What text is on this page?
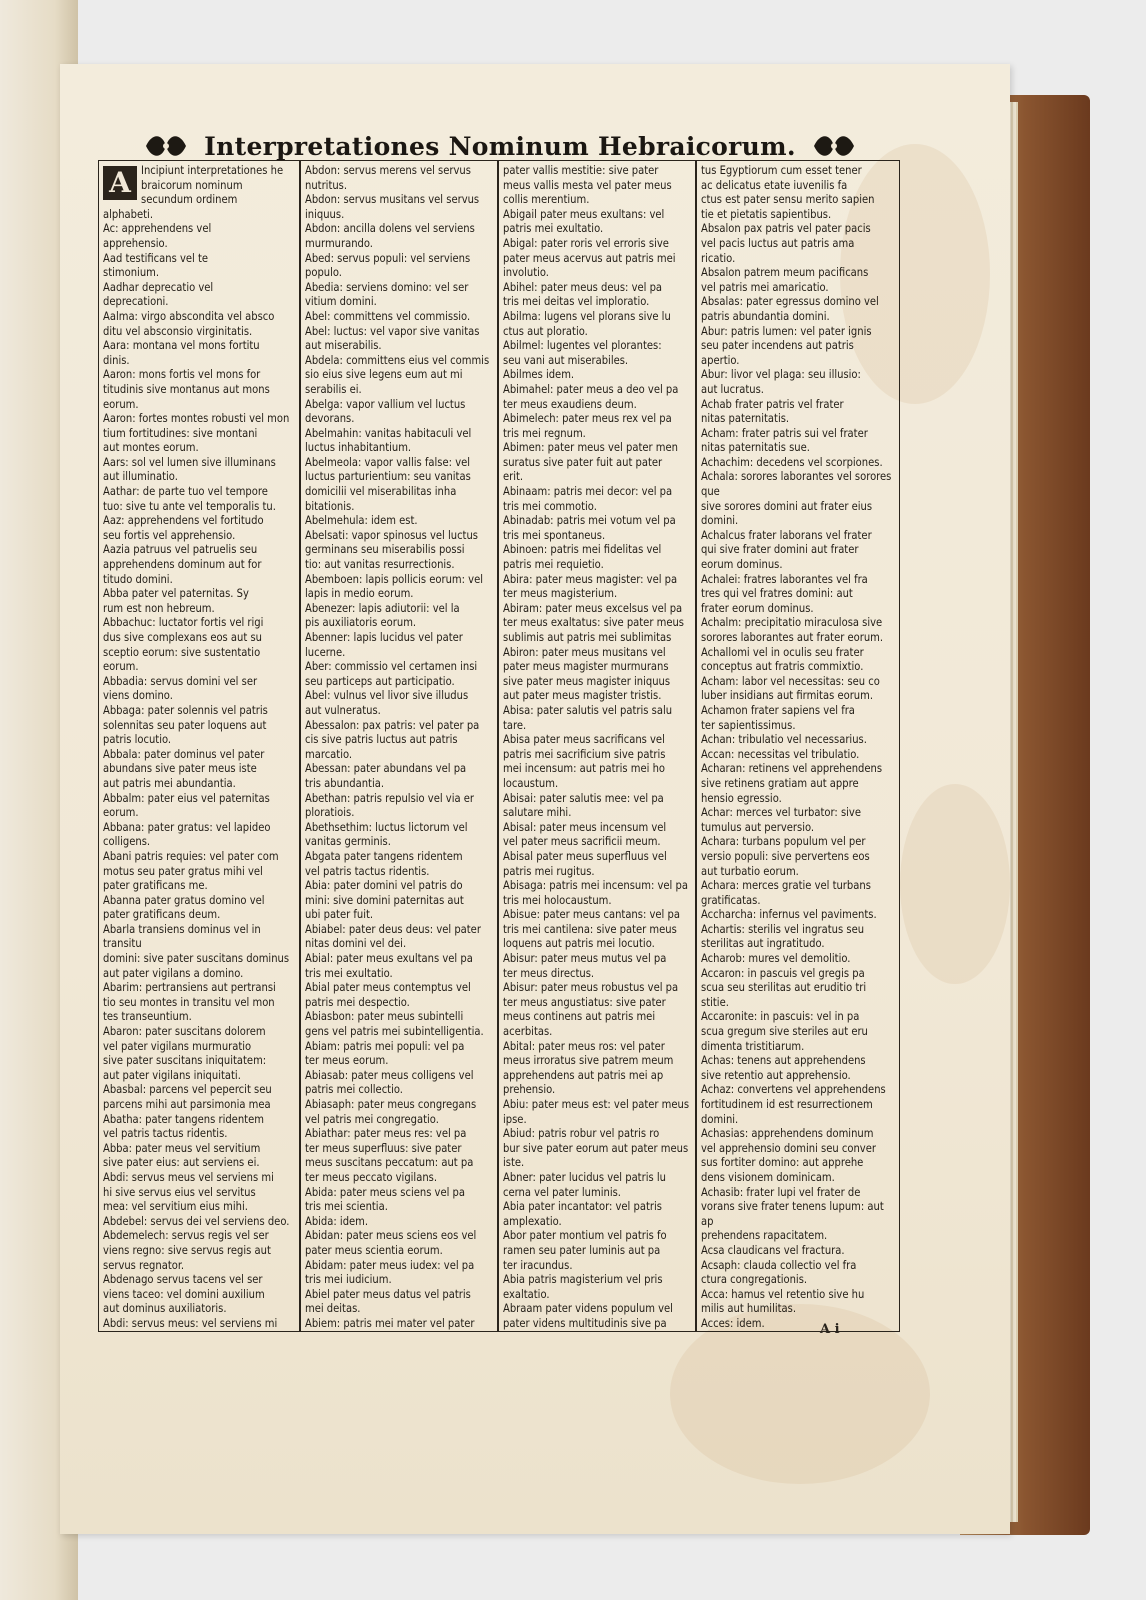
Interpretationes Nominum Hebraicorum.
A Incipiunt interpretationes he

braicorum nominum secundum ordinem

alphabeti.

Ac: apprehendens vel

apprehensio.

Aad testificans vel te

stimonium.

Aadhar deprecatio vel

deprecationi.

Aalma: virgo abscondita vel absco

ditu vel absconsio virginitatis.

Aara: montana vel mons fortitu

dinis.

Aaron: mons fortis vel mons for

titudinis sive montanus aut mons

eorum.

Aaron: fortes montes robusti vel mon

tium fortitudines: sive montani

aut montes eorum.

Aars: sol vel lumen sive illuminans

aut illuminatio.

Aathar: de parte tuo vel tempore

tuo: sive tu ante vel temporalis tu.

Aaz: apprehendens vel fortitudo

seu fortis vel apprehensio.

Aazia patruus vel patruelis seu

apprehendens dominum aut for

titudo domini.

Abba pater vel paternitas. Sy

rum est non hebreum.

Abbachuc: luctator fortis vel rigi

dus sive complexans eos aut su

sceptio eorum: sive sustentatio eorum.

Abbadia: servus domini vel ser

viens domino.

Abbaga: pater solennis vel patris

solennitas seu pater loquens aut

patris locutio.

Abbala: pater dominus vel pater

abundans sive pater meus iste

aut patris mei abundantia.

Abbalm: pater eius vel paternitas

eorum.

Abbana: pater gratus: vel lapideo

colligens.

Abani patris requies: vel pater com

motus seu pater gratus mihi vel

pater gratificans me.

Abanna pater gratus domino vel

pater gratificans deum.

Abarla transiens dominus vel in transitu

domini: sive pater suscitans dominus

aut pater vigilans a domino.

Abarim: pertransiens aut pertransi

tio seu montes in transitu vel mon

tes transeuntium.

Abaron: pater suscitans dolorem

vel pater vigilans murmuratio

sive pater suscitans iniquitatem:

aut pater vigilans iniquitati.

Abasbal: parcens vel pepercit seu

parcens mihi aut parsimonia mea

Abatha: pater tangens ridentem

vel patris tactus ridentis.

Abba: pater meus vel servitium

sive pater eius: aut serviens ei.

Abdi: servus meus vel serviens mi

hi sive servus eius vel servitus

mea: vel servitium eius mihi.

Abdebel: servus dei vel serviens deo.

Abdemelech: servus regis vel ser

viens regno: sive servus regis aut

servus regnator.

Abdenago servus tacens vel ser

viens taceo: vel domini auxilium

aut dominus auxiliatoris.

Abdi: servus meus: vel serviens mi

Abdon: servus merens vel servus

nutritus.

Abdon: servus musitans vel servus

iniquus.

Abdon: ancilla dolens vel serviens

murmurando.

Abed: servus populi: vel serviens

populo.

Abedia: serviens domino: vel ser

vitium domini.

Abel: committens vel commissio.

Abel: luctus: vel vapor sive vanitas

aut miserabilis.

Abdela: committens eius vel commis

sio eius sive legens eum aut mi

serabilis ei.

Abelga: vapor vallium vel luctus

devorans.

Abelmahin: vanitas habitaculi vel

luctus inhabitantium.

Abelmeola: vapor vallis false: vel

luctus parturientium: seu vanitas

domicilii vel miserabilitas inha

bitationis.

Abelmehula: idem est.

Abelsati: vapor spinosus vel luctus

germinans seu miserabilis possi

tio: aut vanitas resurrectionis.

Abemboen: lapis pollicis eorum: vel

lapis in medio eorum.

Abenezer: lapis adiutorii: vel la

pis auxiliatoris eorum.

Abenner: lapis lucidus vel pater

lucerne.

Aber: commissio vel certamen insi

seu particeps aut participatio.

Abel: vulnus vel livor sive illudus

aut vulneratus.

Abessalon: pax patris: vel pater pa

cis sive patris luctus aut patris

marcatio.

Abessan: pater abundans vel pa

tris abundantia.

Abethan: patris repulsio vel via er

ploratiois.

Abethsethim: luctus lictorum vel

vanitas germinis.

Abgata pater tangens ridentem

vel patris tactus ridentis.

Abia: pater domini vel patris do

mini: sive domini paternitas aut

ubi pater fuit.

Abiabel: pater deus deus: vel pater

nitas domini vel dei.

Abial: pater meus exultans vel pa

tris mei exultatio.

Abial pater meus contemptus vel

patris mei despectio.

Abiasbon: pater meus subintelli

gens vel patris mei subintelligentia.

Abiam: patris mei populi: vel pa

ter meus eorum.

Abiasab: pater meus colligens vel

patris mei collectio.

Abiasaph: pater meus congregans

vel patris mei congregatio.

Abiathar: pater meus res: vel pa

ter meus superfluus: sive pater

meus suscitans peccatum: aut pa

ter meus peccato vigilans.

Abida: pater meus sciens vel pa

tris mei scientia.

Abida: idem.

Abidan: pater meus sciens eos vel

pater meus scientia eorum.

Abidam: pater meus iudex: vel pa

tris mei iudicium.

Abiel pater meus datus vel patris

mei deitas.

Abiem: patris mei mater vel pater

pater vallis mestitie: sive pater

meus vallis mesta vel pater meus

collis merentium.

Abigail pater meus exultans: vel

patris mei exultatio.

Abigal: pater roris vel erroris sive

pater meus acervus aut patris mei

involutio.

Abihel: pater meus deus: vel pa

tris mei deitas vel imploratio.

Abilma: lugens vel plorans sive lu

ctus aut ploratio.

Abilmel: lugentes vel plorantes:

seu vani aut miserabiles.

Abilmes idem.

Abimahel: pater meus a deo vel pa

ter meus exaudiens deum.

Abimelech: pater meus rex vel pa

tris mei regnum.

Abimen: pater meus vel pater men

suratus sive pater fuit aut pater

erit.

Abinaam: patris mei decor: vel pa

tris mei commotio.

Abinadab: patris mei votum vel pa

tris mei spontaneus.

Abinoen: patris mei fidelitas vel

patris mei requietio.

Abira: pater meus magister: vel pa

ter meus magisterium.

Abiram: pater meus excelsus vel pa

ter meus exaltatus: sive pater meus

sublimis aut patris mei sublimitas

Abiron: pater meus musitans vel

pater meus magister murmurans

sive pater meus magister iniquus

aut pater meus magister tristis.

Abisa: pater salutis vel patris salu

tare.

Abisa pater meus sacrificans vel

patris mei sacrificium sive patris

mei incensum: aut patris mei ho

locaustum.

Abisai: pater salutis mee: vel pa

salutare mihi.

Abisal: pater meus incensum vel

vel pater meus sacrificii meum.

Abisal pater meus superfluus vel

patris mei rugitus.

Abisaga: patris mei incensum: vel pa

tris mei holocaustum.

Abisue: pater meus cantans: vel pa

tris mei cantilena: sive pater meus

loquens aut patris mei locutio.

Abisur: pater meus mutus vel pa

ter meus directus.

Abisur: pater meus robustus vel pa

ter meus angustiatus: sive pater

meus continens aut patris mei

acerbitas.

Abital: pater meus ros: vel pater

meus irroratus sive patrem meum

apprehendens aut patris mei ap

prehensio.

Abiu: pater meus est: vel pater meus

ipse.

Abiud: patris robur vel patris ro

bur sive pater eorum aut pater meus

iste.

Abner: pater lucidus vel patris lu

cerna vel pater luminis.

Abia pater incantator: vel patris

amplexatio.

Abor pater montium vel patris fo

ramen seu pater luminis aut pa

ter iracundus.

Abia patris magisterium vel pris

exaltatio.

Abraam pater videns populum vel

pater videns multitudinis sive pa

tus Egyptiorum cum esset tener

ac delicatus etate iuvenilis fa

ctus est pater sensu merito sapien

tie et pietatis sapientibus.

Absalon pax patris vel pater pacis

vel pacis luctus aut patris ama

ricatio.

Absalon patrem meum pacificans

vel patris mei amaricatio.

Absalas: pater egressus domino vel

patris abundantia domini.

Abur: patris lumen: vel pater ignis

seu pater incendens aut patris

apertio.

Abur: livor vel plaga: seu illusio:

aut lucratus.

Achab frater patris vel frater

nitas paternitatis.

Acham: frater patris sui vel frater

nitas paternitatis sue.

Achachim: decedens vel scorpiones.

Achala: sorores laborantes vel sorores que

sive sorores domini aut frater eius domini.

Achalcus frater laborans vel frater

qui sive frater domini aut frater

eorum dominus.

Achalei: fratres laborantes vel fra

tres qui vel fratres domini: aut

frater eorum dominus.

Achalm: precipitatio miraculosa sive

sorores laborantes aut frater eorum.

Achallomi vel in oculis seu frater

conceptus aut fratris commixtio.

Acham: labor vel necessitas: seu co

luber insidians aut firmitas eorum.

Achamon frater sapiens vel fra

ter sapientissimus.

Achan: tribulatio vel necessarius.

Accan: necessitas vel tribulatio.

Acharan: retinens vel apprehendens

sive retinens gratiam aut appre

hensio egressio.

Achar: merces vel turbator: sive

tumulus aut perversio.

Achara: turbans populum vel per

versio populi: sive pervertens eos

aut turbatio eorum.

Achara: merces gratie vel turbans

gratificatas.

Accharcha: infernus vel paviments.

Achartis: sterilis vel ingratus seu

sterilitas aut ingratitudo.

Acharob: mures vel demolitio.

Accaron: in pascuis vel gregis pa

scua seu sterilitas aut eruditio tri

stitie.

Accaronite: in pascuis: vel in pa

scua gregum sive steriles aut eru

dimenta tristitiarum.

Achas: tenens aut apprehendens

sive retentio aut apprehensio.

Achaz: convertens vel apprehendens

fortitudinem id est resurrectionem

domini.

Achasias: apprehendens dominum

vel apprehensio domini seu conver

sus fortiter domino: aut apprehe

dens visionem dominicam.

Achasib: frater lupi vel frater de

vorans sive frater tenens lupum: aut ap

prehendens rapacitatem.

Acsa claudicans vel fractura.

Acsaph: clauda collectio vel fra

ctura congregationis.

Acca: hamus vel retentio sive hu

milis aut humilitas.

Acces: idem.	A i
